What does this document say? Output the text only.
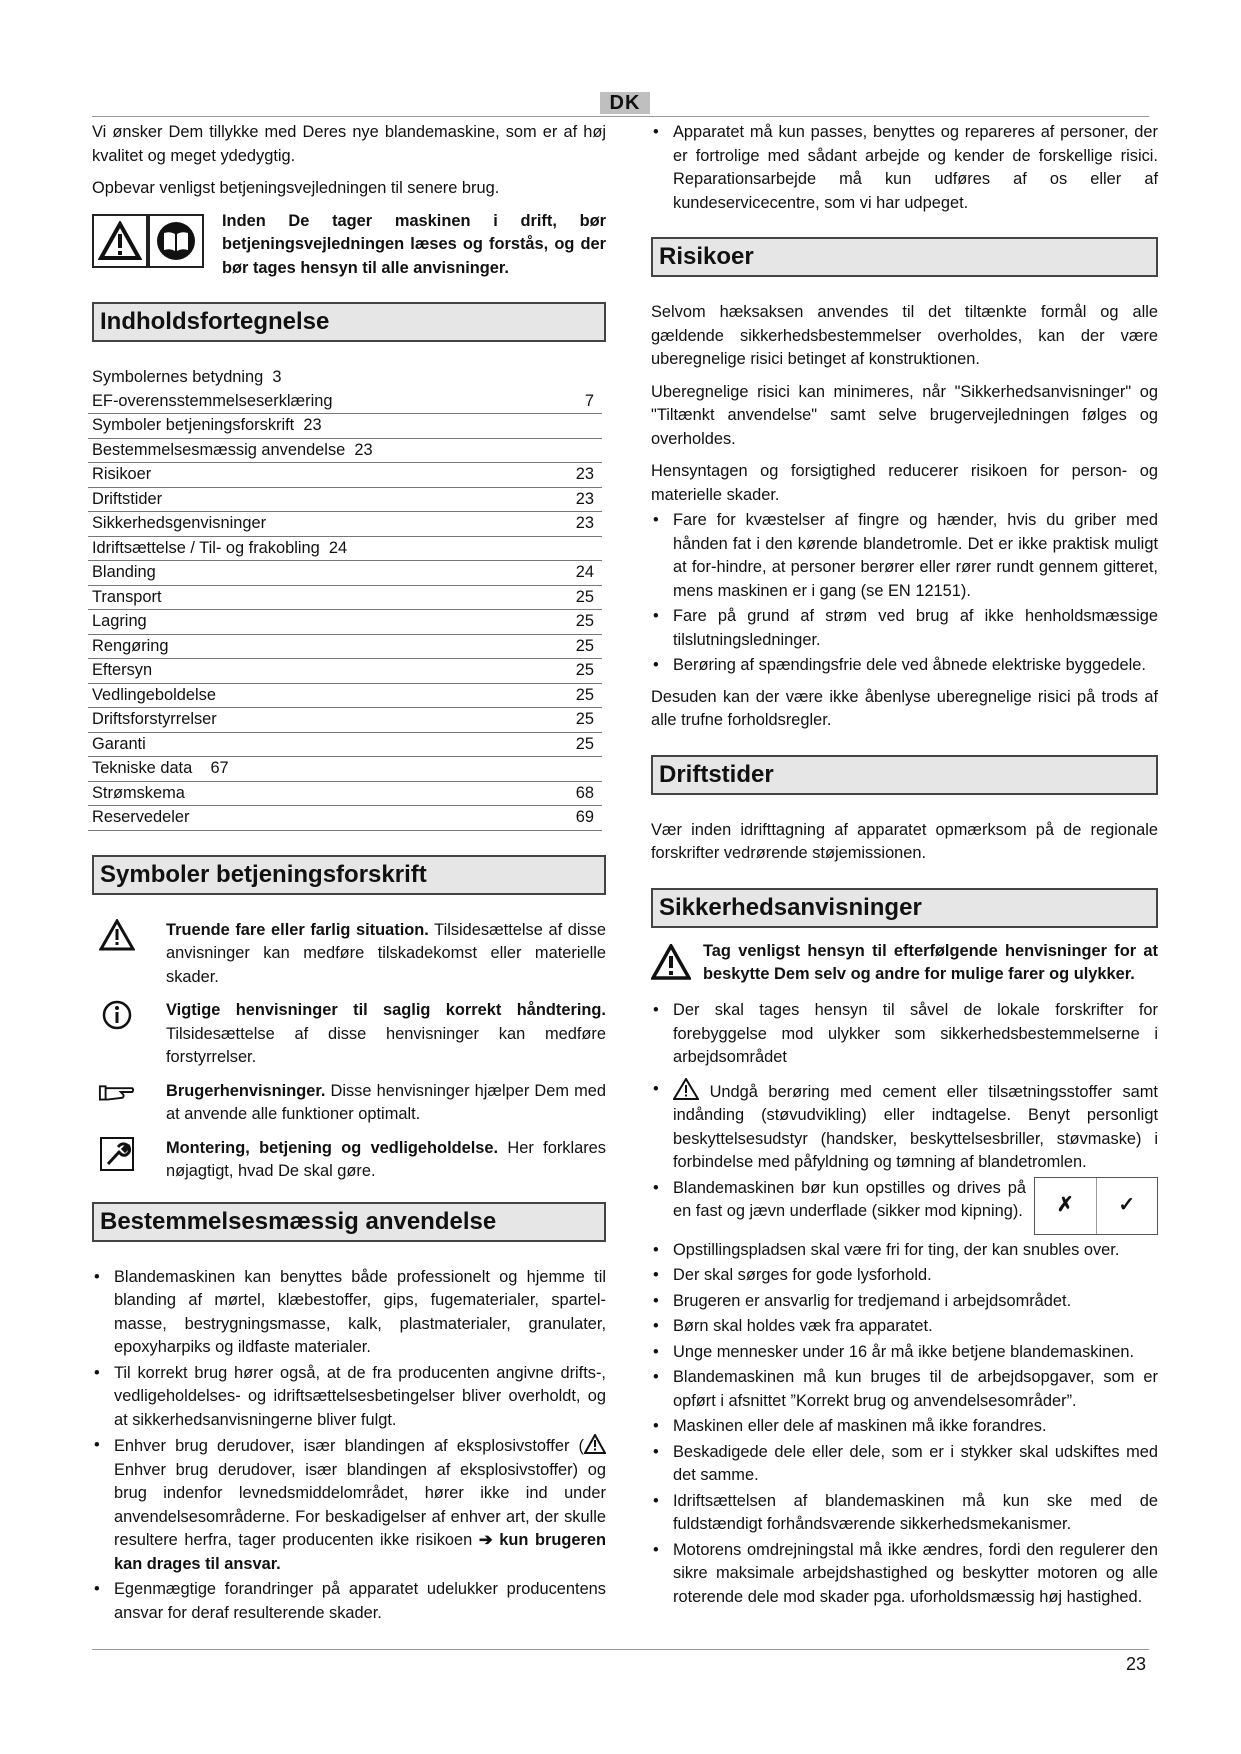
DK

Vi ønsker Dem tillykke med Deres nye blandemaskine, som er af høj kvalitet og meget ydedygtig.

Opbevar venligst betjeningsvejledningen til senere brug.

Inden De tager maskinen i drift, bør betjeningsvejledningen læses og forstås, og der bør tages hensyn til alle anvisninger.
Indholdsfortegnelse
Symbolernes betydning  3
EF-overensstemmelseserklæring	7
Symboler betjeningsforskrift  23
Bestemmelsesmæssig anvendelse  23
Risikoer	23
Driftstider	23
Sikkerhedsgenvisninger	23
Idriftsættelse / Til- og frakobling  24
Blanding	24
Transport	25
Lagring	25
Rengøring	25
Eftersyn	25
Vedlingeboldelse	25
Driftsforstyrrelser	25
Garanti	25
Tekniske data    67
Strømskema	68
Reservedeler	69
Symboler betjeningsforskrift
Truende fare eller farlig situation. Tilsidesættelse af disse anvisninger kan medføre tilskadekomst eller materielle skader.
Vigtige henvisninger til saglig korrekt håndtering. Tilsidesættelse af disse henvisninger kan medføre forstyrrelser.
Brugerhenvisninger. Disse henvisninger hjælper Dem med at anvende alle funktioner optimalt.
Montering, betjening og vedligeholdelse. Her forklares nøjagtigt, hvad De skal gøre.
Bestemmelsesmæssig anvendelse
• Blandemaskinen kan benyttes både professionelt og hjemme til blanding af mørtel, klæbestoffer, gips, fugematerialer, spartel-masse, bestrygningsmasse, kalk, plastmaterialer, granulater, epoxyharpiks og ildfaste materialer.
• Til korrekt brug hører også, at de fra producenten angivne drifts-, vedligeholdelses- og idriftsættelsesbetingelser bliver overholdt, og at sikkerhedsanvisningerne bliver fulgt.
• Enhver brug derudover, især blandingen af eksplosivstoffer ( Enhver brug derudover, især blandingen af eksplosivstoffer) og brug indenfor levnedsmiddelområdet, hører ikke ind under anvendelsesområderne. For beskadigelser af enhver art, der skulle resultere herfra, tager producenten ikke risikoen ➔ kun brugeren kan drages til ansvar.
• Egenmægtige forandringer på apparatet udelukker producentens ansvar for deraf resulterende skader.
• Apparatet må kun passes, benyttes og repareres af personer, der er fortrolige med sådant arbejde og kender de forskellige risici. Reparationsarbejde må kun udføres af os eller af kundeservicecentre, som vi har udpeget.
Risikoer

Selvom hæksaksen anvendes til det tiltænkte formål og alle gældende sikkerhedsbestemmelser overholdes, kan der være uberegnelige risici betinget af konstruktionen.

Uberegnelige risici kan minimeres, når "Sikkerhedsanvisninger" og "Tiltænkt anvendelse" samt selve brugervejledningen følges og overholdes.

Hensyntagen og forsigtighed reducerer risikoen for person- og materielle skader.

• Fare for kvæstelser af fingre og hænder, hvis du griber med hånden fat i den kørende blandetromle. Det er ikke praktisk muligt at for-hindre, at personer berører eller rører rundt gennem gitteret, mens maskinen er i gang (se EN 12151).
• Fare på grund af strøm ved brug af ikke henholdsmæssige tilslutningsledninger.
• Berøring af spændingsfrie dele ved åbnede elektriske byggedele.

Desuden kan der være ikke åbenlyse uberegnelige risici på trods af alle trufne forholdsregler.

Driftstider

Vær inden idrifttagning af apparatet opmærksom på de regionale forskrifter vedrørende støjemissionen.

Sikkerhedsanvisninger
Tag venligst hensyn til efterfølgende henvisninger for at beskytte Dem selv og andre for mulige farer og ulykker.
• Der skal tages hensyn til såvel de lokale forskrifter for forebyggelse mod ulykker som sikkerhedsbestemmelserne i arbejdsområdet
• Undgå berøring med cement eller tilsætningsstoffer samt indånding (støvudvikling) eller indtagelse. Benyt personligt beskyttelsesudstyr (handsker, beskyttelsesbriller, støvmaske) i forbindelse med påfyldning og tømning af blandetromlen.
• ✗	✓
Blandemaskinen bør kun opstilles og drives på en fast og jævn underflade (sikker mod kipning).
• Opstillingspladsen skal være fri for ting, der kan snubles over.
• Der skal sørges for gode lysforhold.
• Brugeren er ansvarlig for tredjemand i arbejdsområdet.
• Børn skal holdes væk fra apparatet.
• Unge mennesker under 16 år må ikke betjene blandemaskinen.
• Blandemaskinen må kun bruges til de arbejdsopgaver, som er opført i afsnittet ”Korrekt brug og anvendelsesområder”.
• Maskinen eller dele af maskinen må ikke forandres.
• Beskadigede dele eller dele, som er i stykker skal udskiftes med det samme.
• Idriftsættelsen af blandemaskinen må kun ske med de fuldstændigt forhåndsværende sikkerhedsmekanismer.
• Motorens omdrejningstal må ikke ændres, fordi den regulerer den sikre maksimale arbejdshastighed og beskytter motoren og alle roterende dele mod skader pga. uforholdsmæssig høj hastighed.
23
